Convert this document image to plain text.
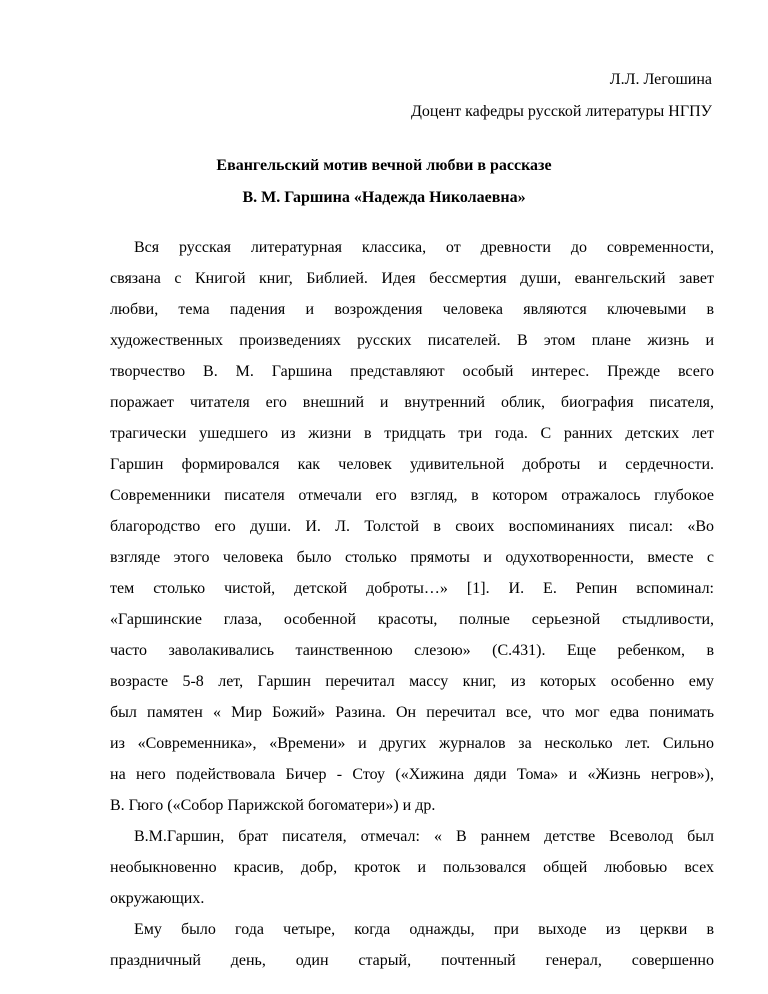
Л.Л. Легошина
Доцент кафедры русской литературы НГПУ
Евангельский мотив вечной любви в рассказе
В. М. Гаршина «Надежда Николаевна»
Вся русская литературная классика, от древности до современности,
связана с Книгой книг, Библией. Идея бессмертия души, евангельский завет
любви, тема падения и возрождения человека являются ключевыми в
художественных произведениях русских писателей. В этом плане жизнь и
творчество В. М. Гаршина представляют особый интерес. Прежде всего
поражает читателя его внешний и внутренний облик, биография писателя,
трагически ушедшего из жизни в тридцать три года. С ранних детских лет
Гаршин формировался как человек удивительной доброты и сердечности.
Современники писателя отмечали его взгляд, в котором отражалось глубокое
благородство его души. И. Л. Толстой в своих воспоминаниях писал: «Во
взгляде этого человека было столько прямоты и одухотворенности, вместе с
тем столько чистой, детской доброты…» [1]. И. Е. Репин вспоминал:
«Гаршинские глаза, особенной красоты, полные серьезной стыдливости,
часто заволакивались таинственною слезою» (С.431). Еще ребенком, в
возрасте 5-8 лет, Гаршин перечитал массу книг, из которых особенно ему
был памятен « Мир Божий» Разина. Он перечитал все, что мог едва понимать
из «Современника», «Времени» и других журналов за несколько лет. Сильно
на него подействовала Бичер - Стоу («Хижина дяди Тома» и «Жизнь негров»),
В. Гюго («Собор Парижской богоматери») и др.
В.М.Гаршин, брат писателя, отмечал: « В раннем детстве Всеволод был
необыкновенно красив, добр, кроток и пользовался общей любовью всех
окружающих.
Ему было года четыре, когда однажды, при выходе из церкви в
праздничный день, один старый, почтенный генерал, совершенно
